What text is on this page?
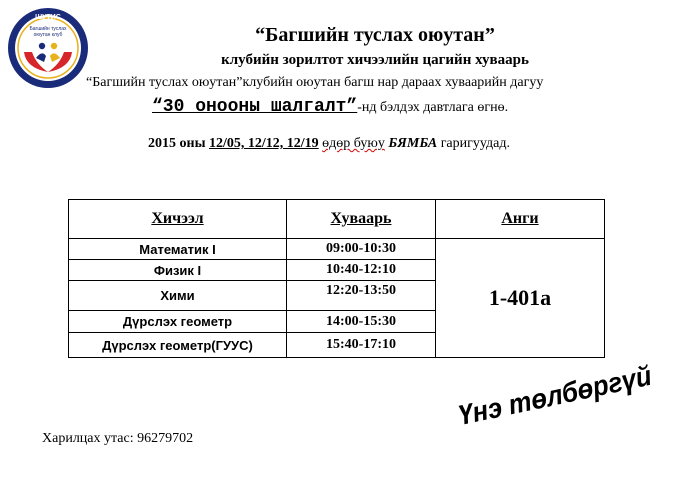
ШУТИС
Багшийн туслах
оюутан клуб	“Багшийн туслах оюутан”
клубийн зорилтот хичээлийн цагийн хуваарь
“Багшийн туслах оюутан”клубийн оюутан багш нар дараах хуваарийн дагуу
“30 онооны шалгалт”-нд бэлдэх давтлага өгнө.
2015 оны 12/05, 12/12, 12/19 өдөр буюу БЯМБА гаригуудад.
Хичээл	Хуваарь	Анги
Математик I	09:00-10:30	1-401a
Физик I	10:40-12:10	
Хими	12:20-13:50	
Дүрслэх геометр	14:00-15:30	
Дүрслэх геометр(ГУУС)	15:40-17:10	
Харилцах утас: 96279702
Үнэ төлбөргүй
